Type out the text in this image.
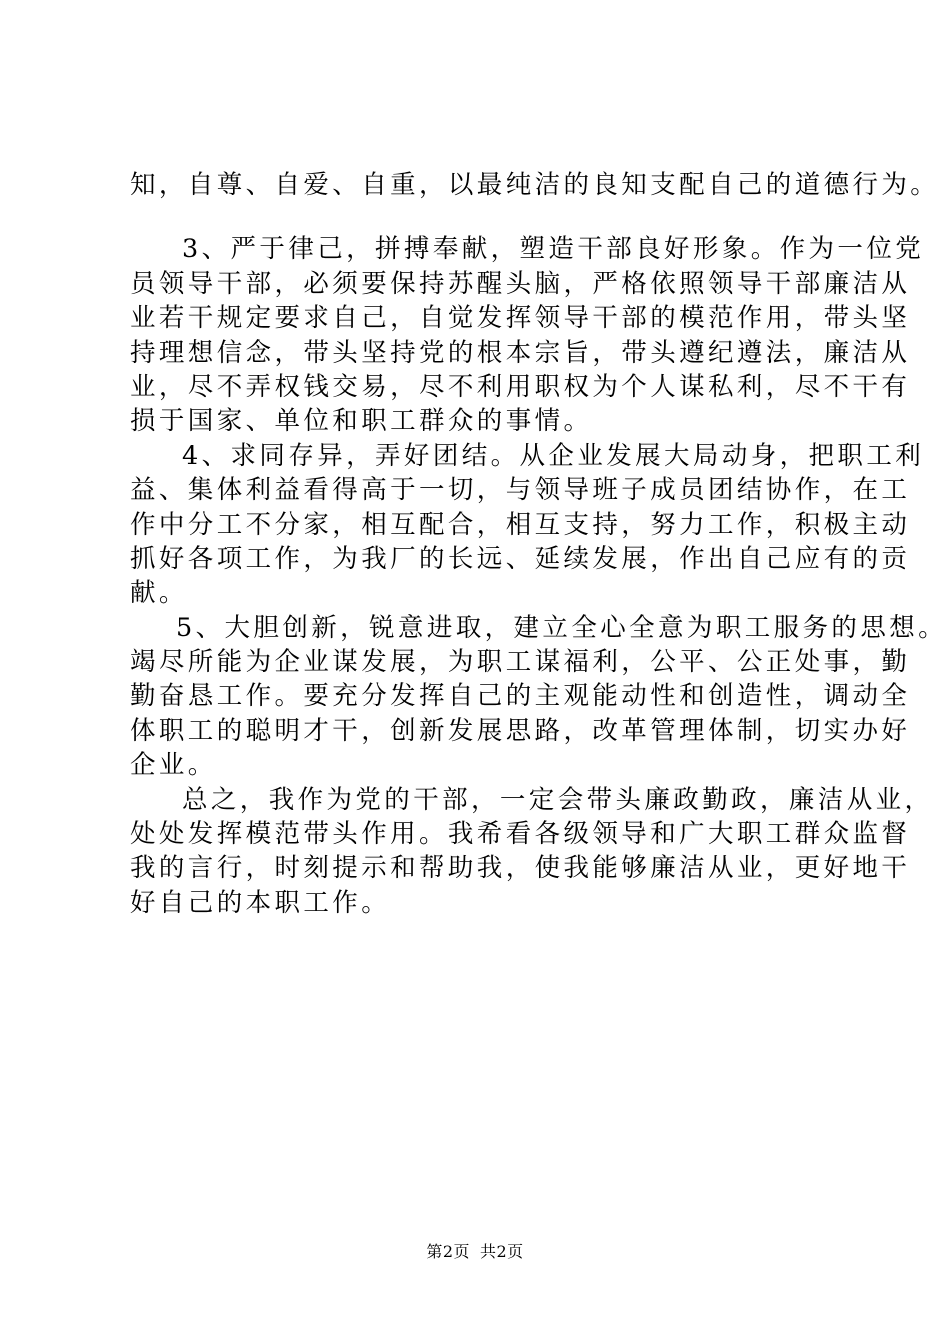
知，自尊、自爱、自重，以最纯洁的良知支配自己的道德行为。
3、严于律己，拼搏奉献，塑造干部良好形象。作为一位党
员领导干部，必须要保持苏醒头脑，严格依照领导干部廉洁从
业若干规定要求自己，自觉发挥领导干部的模范作用，带头坚
持理想信念，带头坚持党的根本宗旨，带头遵纪遵法，廉洁从
业，尽不弄权钱交易，尽不利用职权为个人谋私利，尽不干有
损于国家、单位和职工群众的事情。
4、求同存异，弄好团结。从企业发展大局动身，把职工利
益、集体利益看得高于一切，与领导班子成员团结协作，在工
作中分工不分家，相互配合，相互支持，努力工作，积极主动
抓好各项工作，为我厂的长远、延续发展，作出自己应有的贡
献。
5、大胆创新，锐意进取，建立全心全意为职工服务的思想。
竭尽所能为企业谋发展，为职工谋福利，公平、公正处事，勤
勤奋恳工作。要充分发挥自己的主观能动性和创造性，调动全
体职工的聪明才干，创新发展思路，改革管理体制，切实办好
企业。
总之，我作为党的干部，一定会带头廉政勤政，廉洁从业，
处处发挥模范带头作用。我希看各级领导和广大职工群众监督
我的言行，时刻提示和帮助我，使我能够廉洁从业，更好地干
好自己的本职工作。
第2页 共2页
